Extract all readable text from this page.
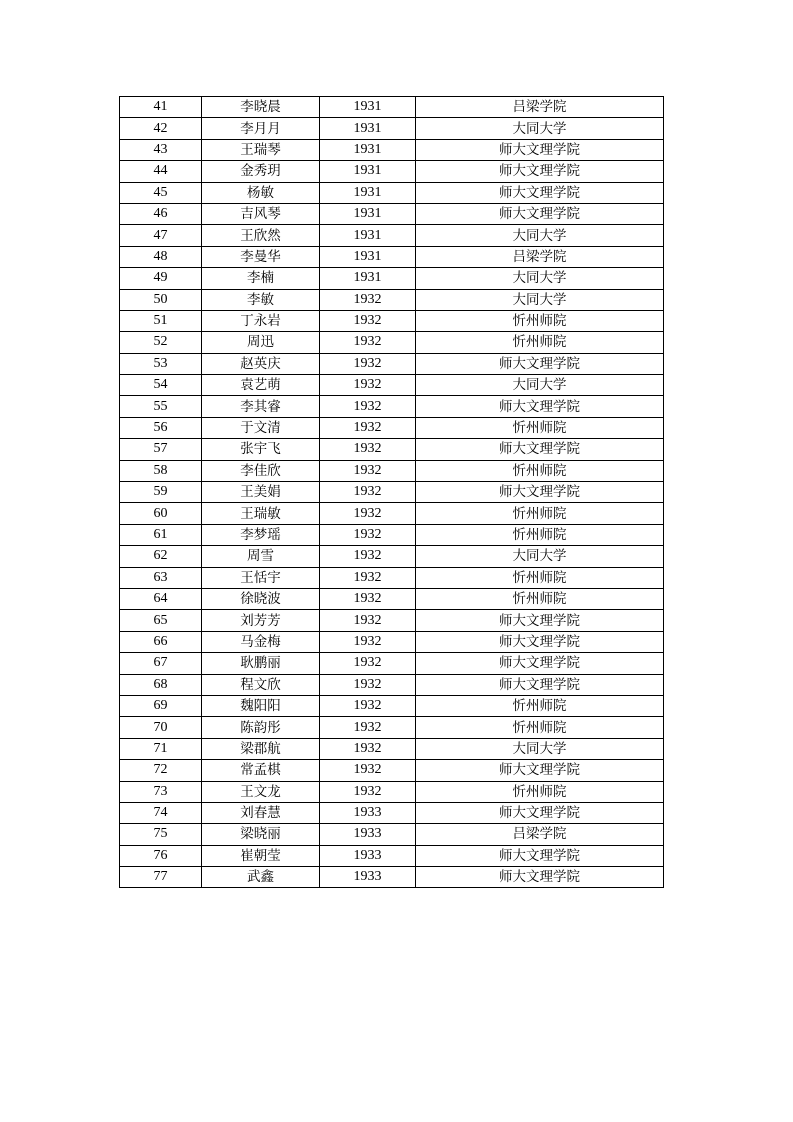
41	李晓晨	1931	吕梁学院
42	李月月	1931	大同大学
43	王瑞琴	1931	师大文理学院
44	金秀玥	1931	师大文理学院
45	杨敏	1931	师大文理学院
46	吉风琴	1931	师大文理学院
47	王欣然	1931	大同大学
48	李曼华	1931	吕梁学院
49	李楠	1931	大同大学
50	李敏	1932	大同大学
51	丁永岩	1932	忻州师院
52	周迅	1932	忻州师院
53	赵英庆	1932	师大文理学院
54	袁艺萌	1932	大同大学
55	李其睿	1932	师大文理学院
56	于文清	1932	忻州师院
57	张宇飞	1932	师大文理学院
58	李佳欣	1932	忻州师院
59	王美娟	1932	师大文理学院
60	王瑞敏	1932	忻州师院
61	李梦瑶	1932	忻州师院
62	周雪	1932	大同大学
63	王恬宇	1932	忻州师院
64	徐晓波	1932	忻州师院
65	刘芳芳	1932	师大文理学院
66	马金梅	1932	师大文理学院
67	耿鹏丽	1932	师大文理学院
68	程文欣	1932	师大文理学院
69	魏阳阳	1932	忻州师院
70	陈韵彤	1932	忻州师院
71	梁郡航	1932	大同大学
72	常孟棋	1932	师大文理学院
73	王文龙	1932	忻州师院
74	刘春慧	1933	师大文理学院
75	梁晓丽	1933	吕梁学院
76	崔朝莹	1933	师大文理学院
77	武鑫	1933	师大文理学院
